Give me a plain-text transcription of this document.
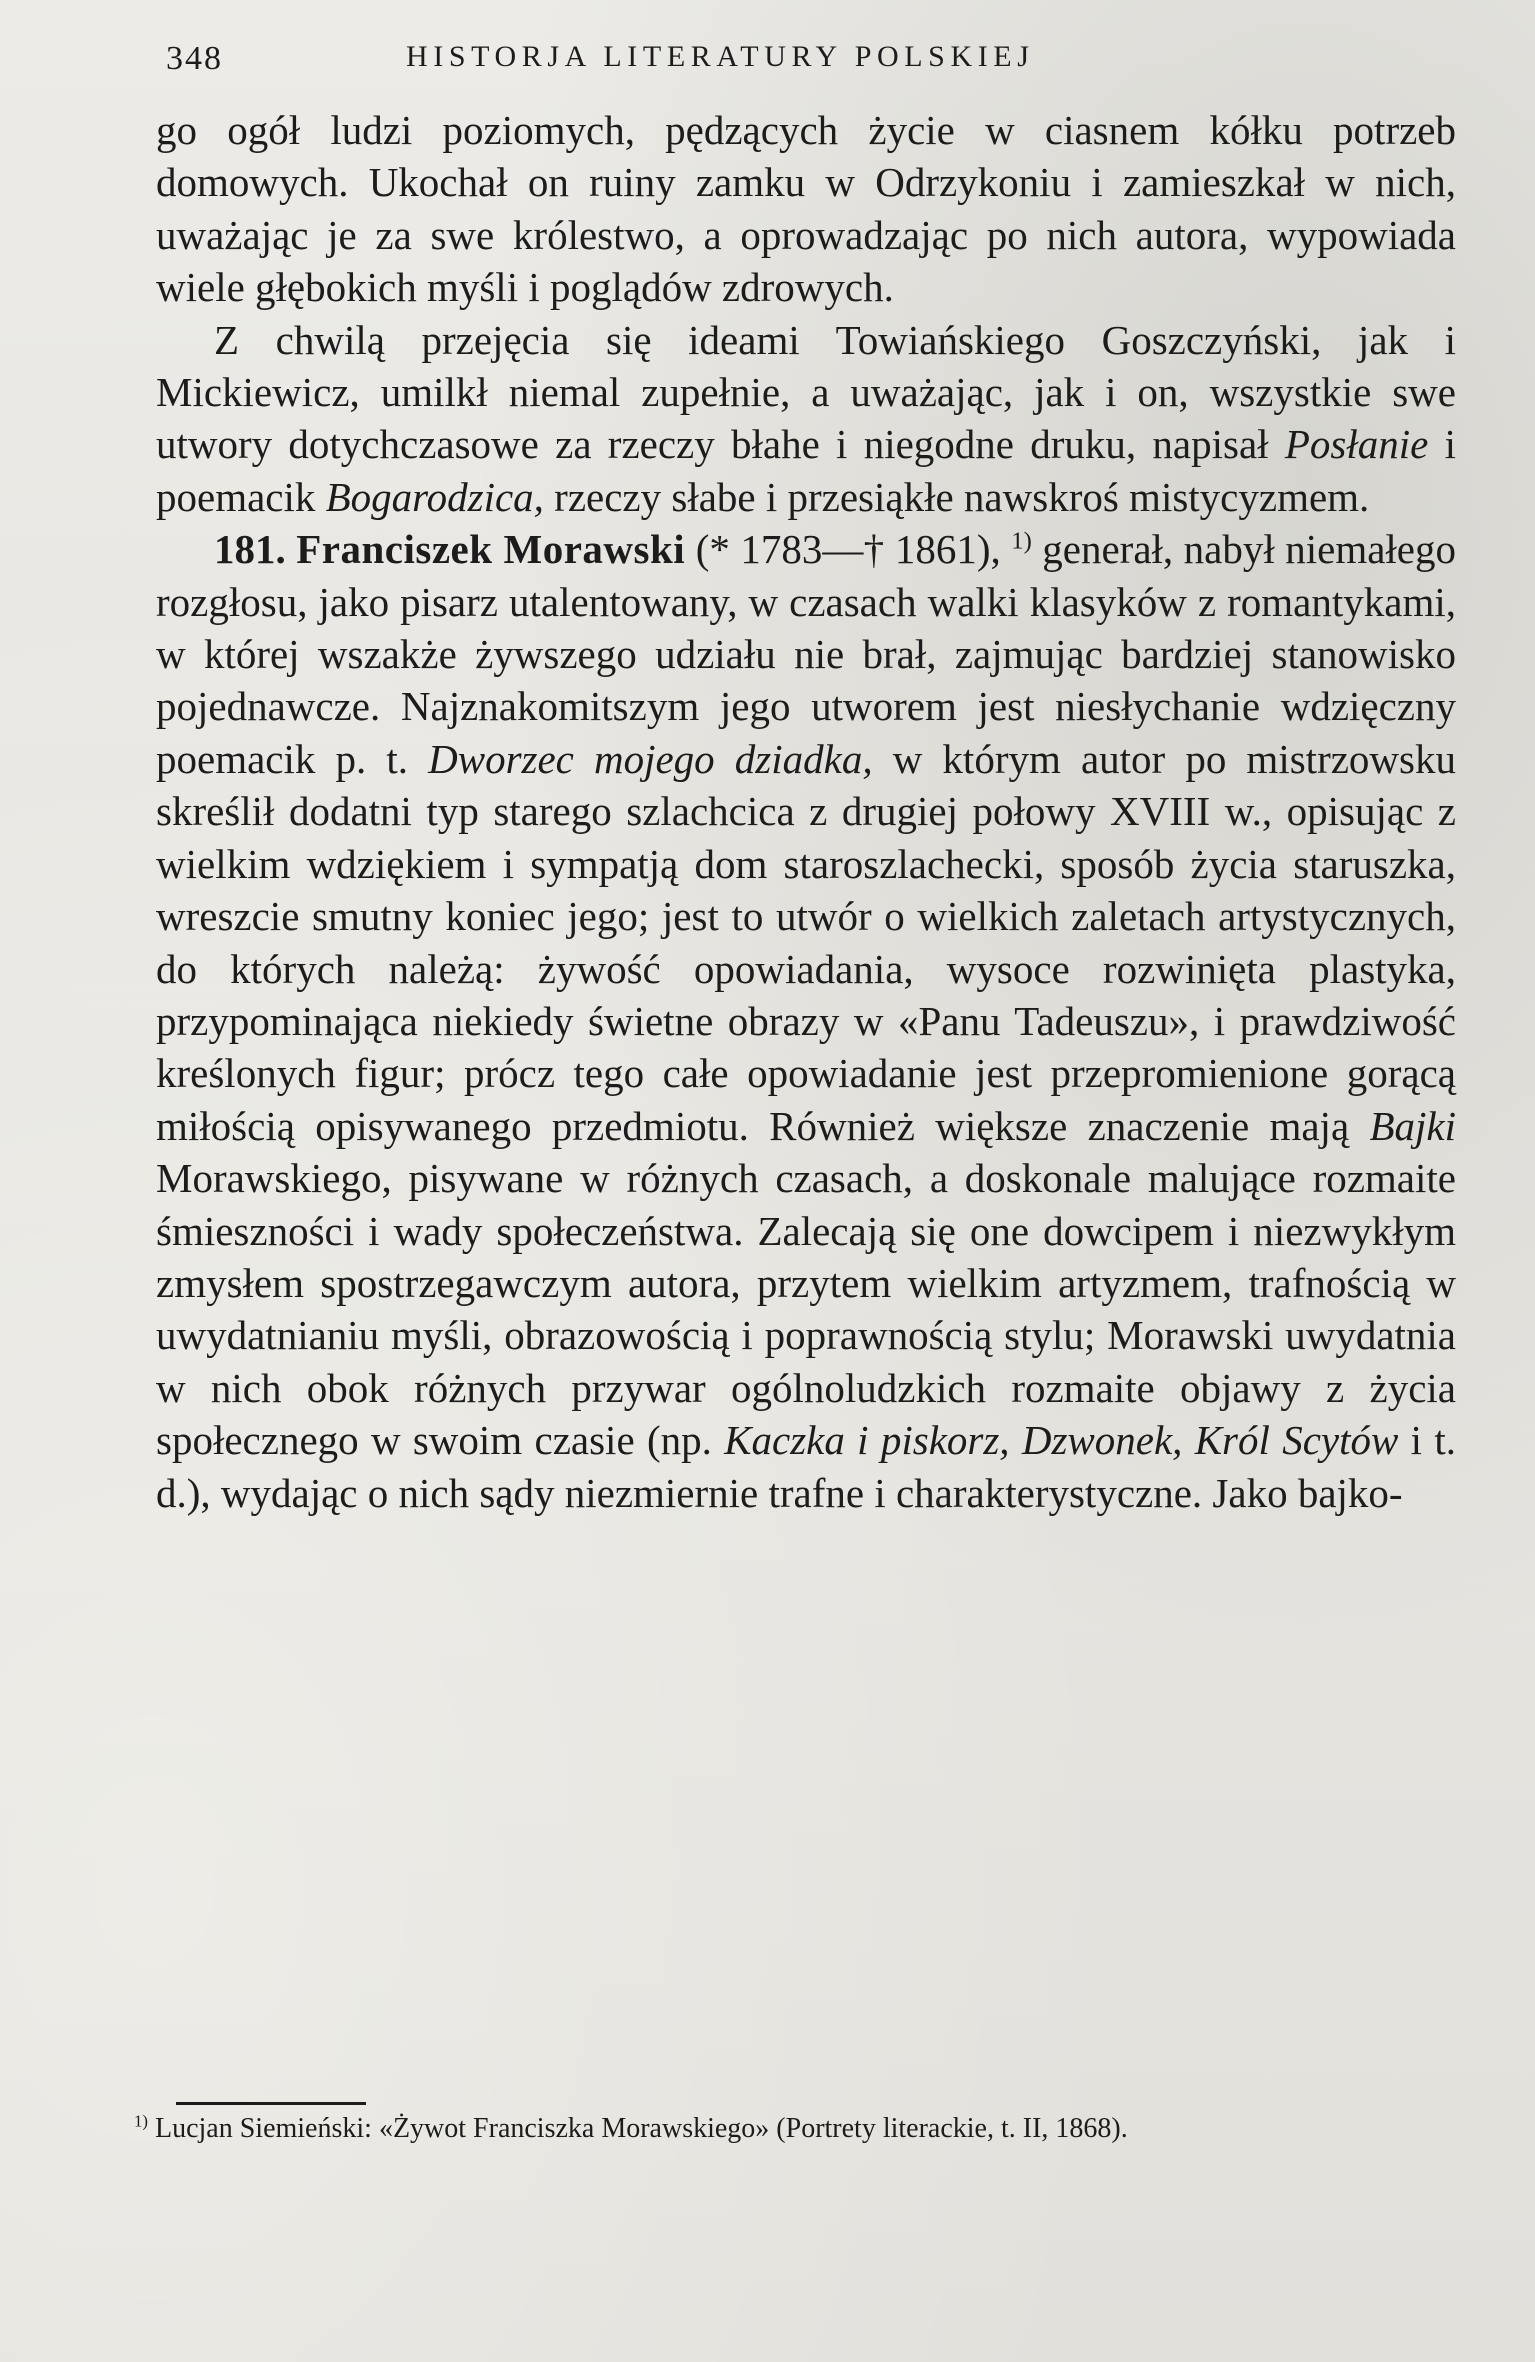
348	HISTORJA LITERATURY POLSKIEJ

go ogół ludzi poziomych, pędzących życie w ciasnem kółku potrzeb domowych. Ukochał on ruiny zamku w Odrzykoniu i zamieszkał w nich, uważając je za swe królestwo, a oprowadzając po nich autora, wypowiada wiele głębokich myśli i poglądów zdrowych.

Z chwilą przejęcia się ideami Towiańskiego Goszczyński, jak i Mickiewicz, umilkł niemal zupełnie, a uważając, jak i on, wszystkie swe utwory dotychczasowe za rzeczy błahe i niegodne druku, napisał Posłanie i poemacik Bogarodzica, rzeczy słabe i przesiąkłe nawskroś mistycyzmem.

181. Franciszek Morawski (* 1783—† 1861), $^{1)}$ generał, nabył niemałego rozgłosu, jako pisarz utalentowany, w czasach walki klasyków z romantykami, w której wszakże żywszego udziału nie brał, zajmując bardziej stanowisko pojednawcze. Najznakomitszym jego utworem jest niesłychanie wdzięczny poemacik p. t. Dworzec mojego dziadka, w którym autor po mistrzowsku skreślił dodatni typ starego szlachcica z drugiej połowy XVIII w., opisując z wielkim wdziękiem i sympatją dom staroszlachecki, sposób życia staruszka, wreszcie smutny koniec jego; jest to utwór o wielkich zaletach artystycznych, do których należą: żywość opowiadania, wysoce rozwinięta plastyka, przypominająca niekiedy świetne obrazy w «Panu Tadeuszu», i prawdziwość kreślonych figur; prócz tego całe opowiadanie jest przepromienione gorącą miłością opisywanego przedmiotu. Również większe znaczenie mają Bajki Morawskiego, pisywane w różnych czasach, a doskonale malujące rozmaite śmieszności i wady społeczeństwa. Zalecają się one dowcipem i niezwykłym zmysłem spostrzegawczym autora, przytem wielkim artyzmem, trafnością w uwydatnianiu myśli, obrazowością i poprawnością stylu; Morawski uwydatnia w nich obok różnych przywar ogólnoludzkich rozmaite objawy z życia społecznego w swoim czasie (np. Kaczka i piskorz, Dzwonek, Król Scytów i t. d.), wydając o nich sądy niezmiernie trafne i charakterystyczne. Jako bajko-

$^{1)}$ Lucjan Siemieński: «Żywot Franciszka Morawskiego» (Portrety literackie, t. II, 1868).
